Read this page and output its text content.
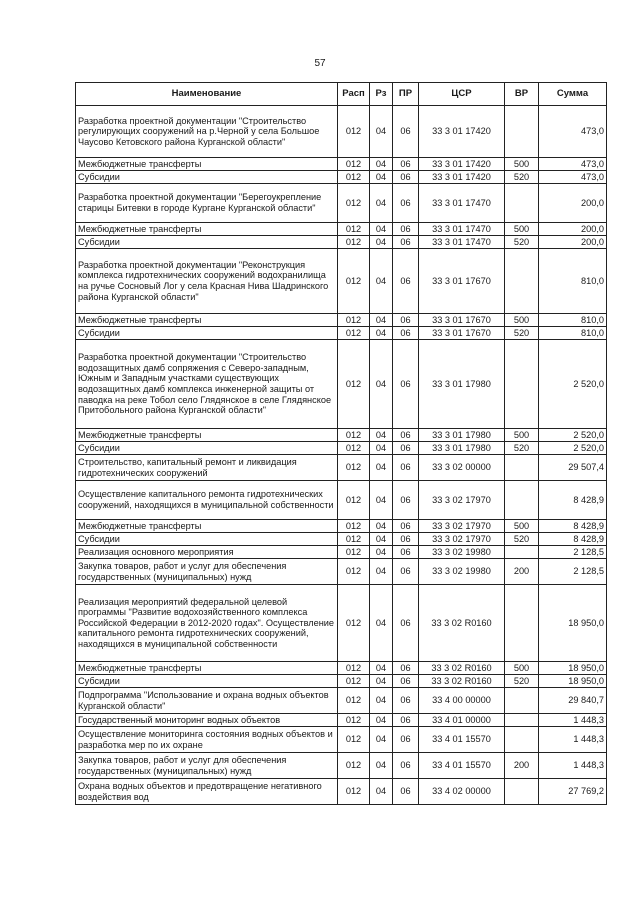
57
Наименование	Расп	Рз	ПР	ЦСР	ВР	Сумма
Разработка проектной документации "Строительство регулирующих сооружений на р.Черной у села Большое Чаусово Кетовского района Курганской области"	012	04	06	33 3 01 17420		473,0
Межбюджетные трансферты	012	04	06	33 3 01 17420	500	473,0
Субсидии	012	04	06	33 3 01 17420	520	473,0
Разработка проектной документации "Берегоукрепление старицы Битевки в городе Кургане Курганской области"	012	04	06	33 3 01 17470		200,0
Межбюджетные трансферты	012	04	06	33 3 01 17470	500	200,0
Субсидии	012	04	06	33 3 01 17470	520	200,0
Разработка проектной документации "Реконструкция комплекса гидротехнических сооружений водохранилища на ручье Сосновый Лог у села Красная Нива Шадринского района Курганской области"	012	04	06	33 3 01 17670		810,0
Межбюджетные трансферты	012	04	06	33 3 01 17670	500	810,0
Субсидии	012	04	06	33 3 01 17670	520	810,0
Разработка проектной документации "Строительство водозащитных дамб сопряжения с Северо-западным, Южным и Западным участками существующих водозащитных дамб комплекса инженерной защиты от паводка на реке Тобол село Глядянское в селе Глядянское Притобольного района Курганской области"	012	04	06	33 3 01 17980		2 520,0
Межбюджетные трансферты	012	04	06	33 3 01 17980	500	2 520,0
Субсидии	012	04	06	33 3 01 17980	520	2 520,0
Строительство, капитальный ремонт и ликвидация гидротехнических сооружений	012	04	06	33 3 02 00000		29 507,4
Осуществление капитального ремонта гидротехнических сооружений, находящихся в муниципальной собственности	012	04	06	33 3 02 17970		8 428,9
Межбюджетные трансферты	012	04	06	33 3 02 17970	500	8 428,9
Субсидии	012	04	06	33 3 02 17970	520	8 428,9
Реализация основного мероприятия	012	04	06	33 3 02 19980		2 128,5
Закупка товаров, работ и услуг для обеспечения государственных (муниципальных) нужд	012	04	06	33 3 02 19980	200	2 128,5
Реализация мероприятий федеральной целевой программы "Развитие водохозяйственного комплекса Российской Федерации в 2012-2020 годах". Осуществление капитального ремонта гидротехнических сооружений, находящихся в муниципальной собственности	012	04	06	33 3 02 R0160		18 950,0
Межбюджетные трансферты	012	04	06	33 3 02 R0160	500	18 950,0
Субсидии	012	04	06	33 3 02 R0160	520	18 950,0
Подпрограмма "Использование и охрана водных объектов Курганской области"	012	04	06	33 4 00 00000		29 840,7
Государственный мониторинг водных объектов	012	04	06	33 4 01 00000		1 448,3
Осуществление мониторинга состояния водных объектов и разработка мер по их охране	012	04	06	33 4 01 15570		1 448,3
Закупка товаров, работ и услуг для обеспечения государственных (муниципальных) нужд	012	04	06	33 4 01 15570	200	1 448,3
Охрана водных объектов и предотвращение негативного воздействия вод	012	04	06	33 4 02 00000		27 769,2
